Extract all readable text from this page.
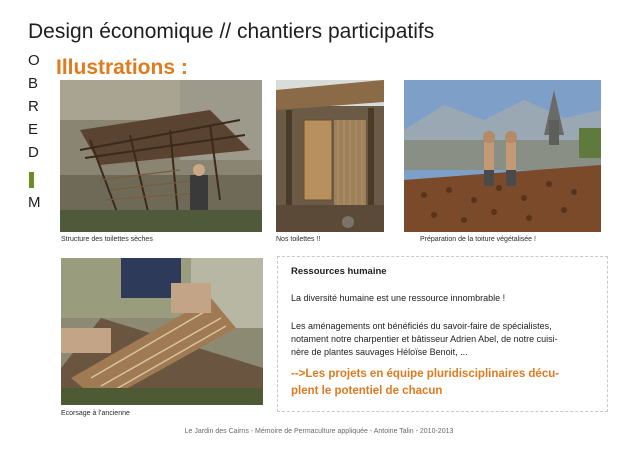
Design économique // chantiers participatifs
O
B
R
E
D
M
Illustrations :
Structure des toilettes sèches	Nos toilettes !!	Préparation de la toiture végétalisée !
Ecorsage à l’ancienne
Ressources humaine
La diversité humaine est une ressource innombrable !
Les aménagements ont bénéficiés du savoir-faire de spécialistes,
notament notre charpentier et bâtisseur Adrien Abel, de notre cuisi-
nère de plantes sauvages Héloïse Benoit, ...
-->Les projets en équipe pluridisciplinaires décu-
plent le potentiel de chacun
Le Jardin des Cairns - Mémoire de Permaculture appliquée - Antoine Talin - 2010-2013
